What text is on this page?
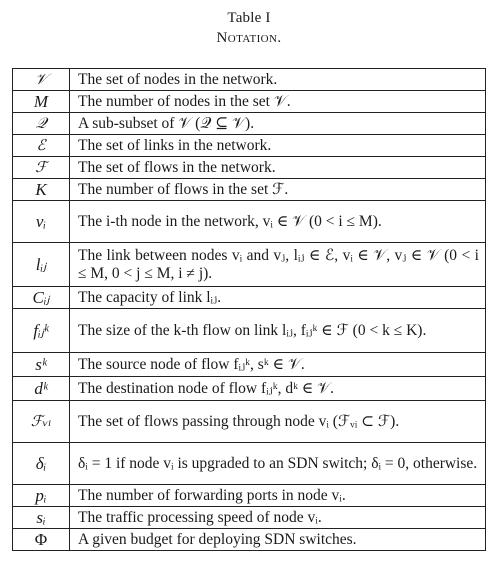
Table I
Notation.
𝒱	The set of nodes in the network.
M	The number of nodes in the set 𝒱.
𝒬	A sub-subset of 𝒱 (𝒬 ⊆ 𝒱).
ℰ	The set of links in the network.
ℱ	The set of flows in the network.
K	The number of flows in the set ℱ.
vᵢ	The i-th node in the network, vᵢ ∈ 𝒱 (0 < i ≤ M).
lᵢⱼ	The link between nodes vᵢ and vⱼ, lᵢⱼ ∈ ℰ, vᵢ ∈ 𝒱, vⱼ ∈ 𝒱 (0 < i ≤ M, 0 < j ≤ M, i ≠ j).
Cᵢⱼ	The capacity of link lᵢⱼ.
fᵢⱼᵏ	The size of the k-th flow on link lᵢⱼ, fᵢⱼᵏ ∈ ℱ (0 < k ≤ K).
sᵏ	The source node of flow fᵢⱼᵏ, sᵏ ∈ 𝒱.
dᵏ	The destination node of flow fᵢⱼᵏ, dᵏ ∈ 𝒱.
ℱᵥᵢ	The set of flows passing through node vᵢ (ℱᵥᵢ ⊂ ℱ).
δᵢ	δᵢ = 1 if node vᵢ is upgraded to an SDN switch; δᵢ = 0, otherwise.
pᵢ	The number of forwarding ports in node vᵢ.
sᵢ	The traffic processing speed of node vᵢ.
Φ	A given budget for deploying SDN switches.
